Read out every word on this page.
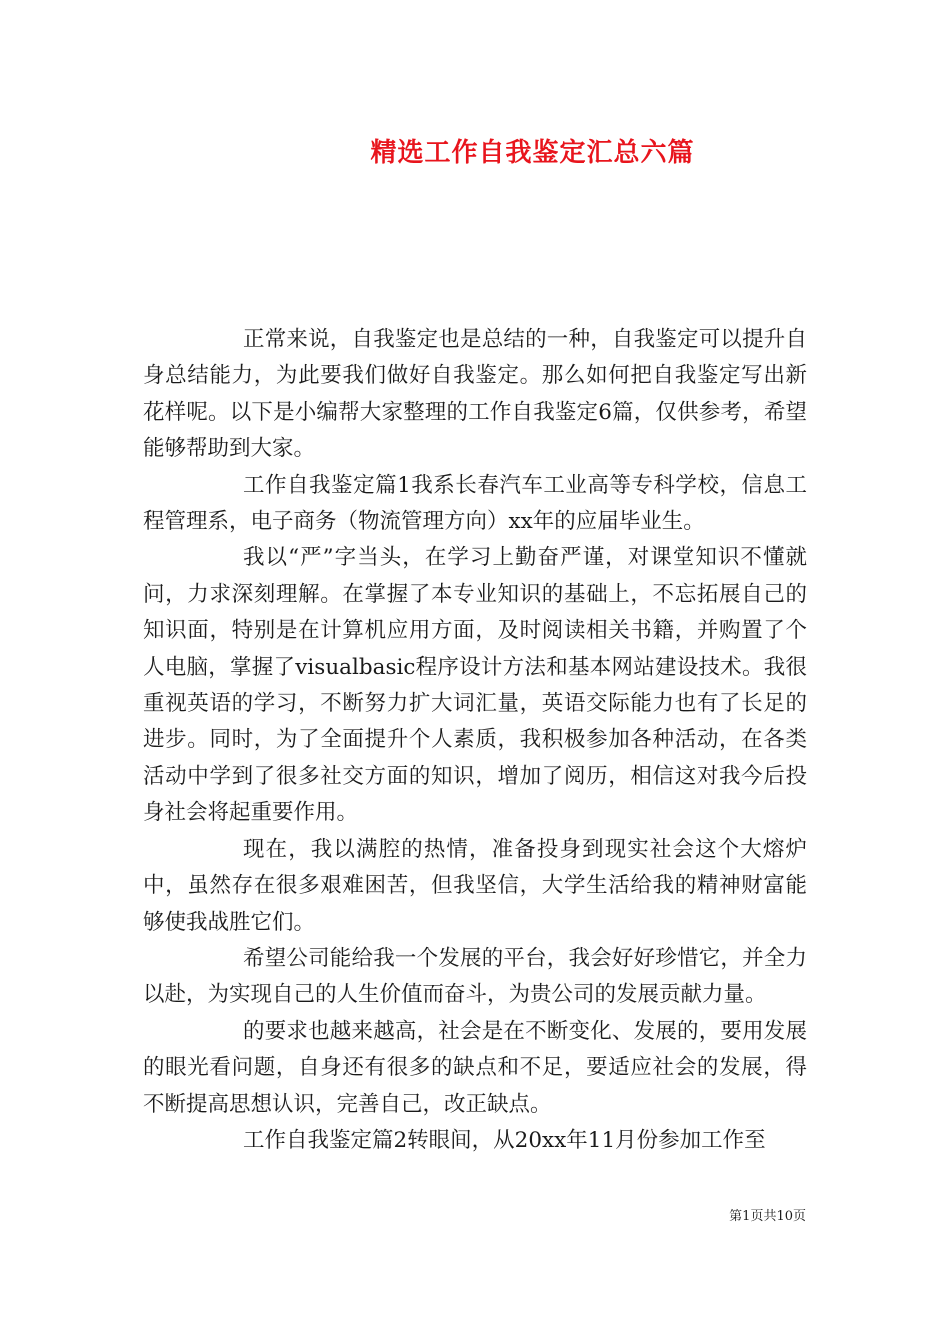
精选工作自我鉴定汇总六篇

正常来说，自我鉴定也是总结的一种，自我鉴定可以提升自身总结能力，为此要我们做好自我鉴定。那么如何把自我鉴定写出新花样呢。以下是小编帮大家整理的工作自我鉴定6篇，仅供参考，希望能够帮助到大家。

工作自我鉴定篇1我系长春汽车工业高等专科学校，信息工程管理系，电子商务（物流管理方向）xx年的应届毕业生。

我以“严”字当头，在学习上勤奋严谨，对课堂知识不懂就问，力求深刻理解。在掌握了本专业知识的基础上，不忘拓展自己的知识面，特别是在计算机应用方面，及时阅读相关书籍，并购置了个人电脑，掌握了visualbasic程序设计方法和基本网站建设技术。我很重视英语的学习，不断努力扩大词汇量，英语交际能力也有了长足的进步。同时，为了全面提升个人素质，我积极参加各种活动，在各类活动中学到了很多社交方面的知识，增加了阅历，相信这对我今后投身社会将起重要作用。

现在，我以满腔的热情，准备投身到现实社会这个大熔炉中，虽然存在很多艰难困苦，但我坚信，大学生活给我的精神财富能够使我战胜它们。

希望公司能给我一个发展的平台，我会好好珍惜它，并全力以赴，为实现自己的人生价值而奋斗，为贵公司的发展贡献力量。

的要求也越来越高，社会是在不断变化、发展的，要用发展的眼光看问题，自身还有很多的缺点和不足，要适应社会的发展，得不断提高思想认识，完善自己，改正缺点。

工作自我鉴定篇2转眼间，从20xx年11月份参加工作至

第1页共10页
